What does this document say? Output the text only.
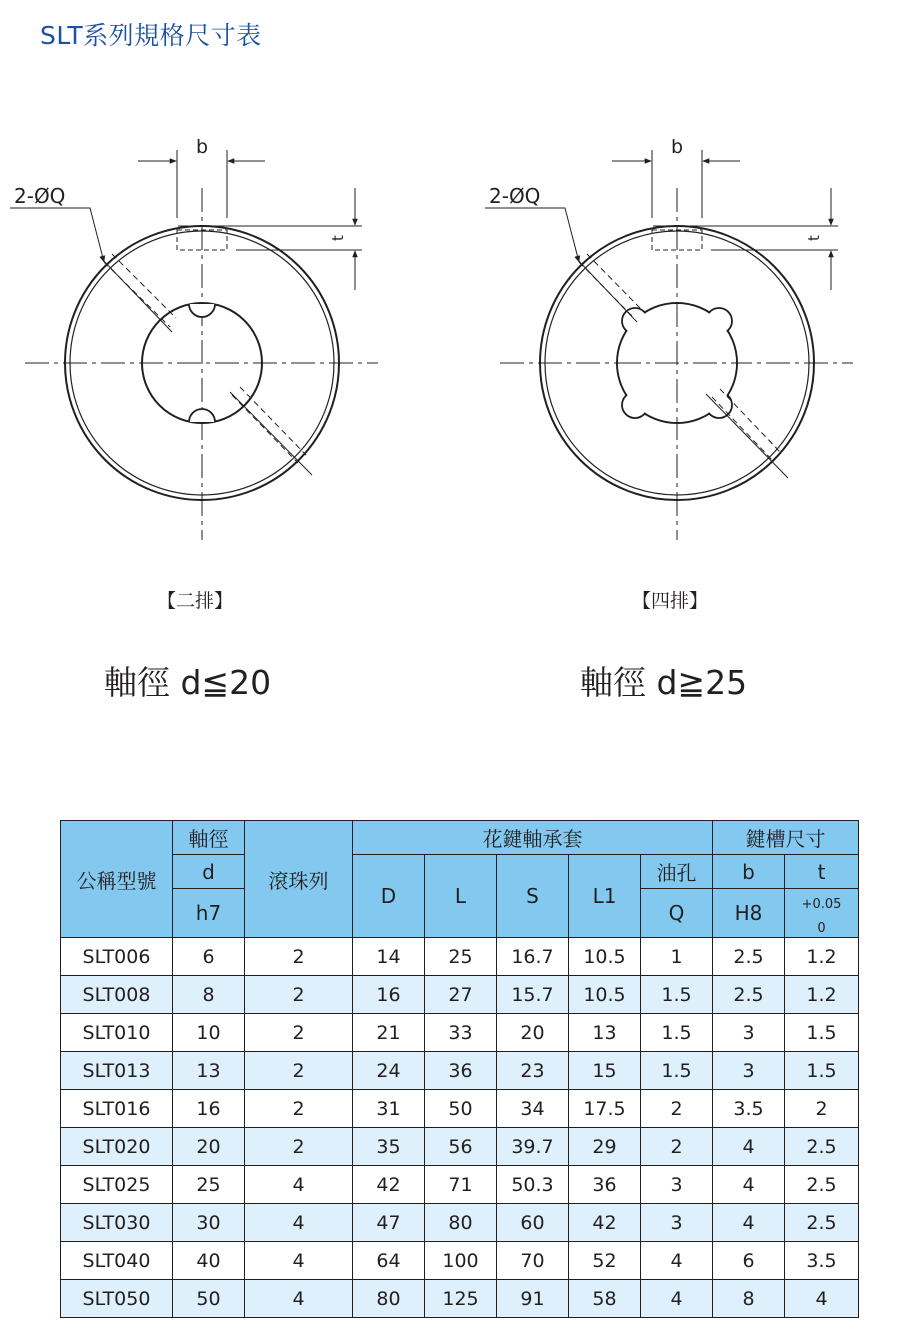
SLT系列規格尺寸表
b
2-ØQ
t
b
2-ØQ
t
【二排】	【四排】
軸徑 d≦20	軸徑 d≧25
公稱型號	軸徑	滾珠列	花鍵軸承套					鍵槽尺寸	
	d		D	L	S	L1	油孔	b	t
	h7						Q	H8	+0.05
0
SLT006	6	2	14	25	16.7	10.5	1	2.5	1.2
SLT008	8	2	16	27	15.7	10.5	1.5	2.5	1.2
SLT010	10	2	21	33	20	13	1.5	3	1.5
SLT013	13	2	24	36	23	15	1.5	3	1.5
SLT016	16	2	31	50	34	17.5	2	3.5	2
SLT020	20	2	35	56	39.7	29	2	4	2.5
SLT025	25	4	42	71	50.3	36	3	4	2.5
SLT030	30	4	47	80	60	42	3	4	2.5
SLT040	40	4	64	100	70	52	4	6	3.5
SLT050	50	4	80	125	91	58	4	8	4
